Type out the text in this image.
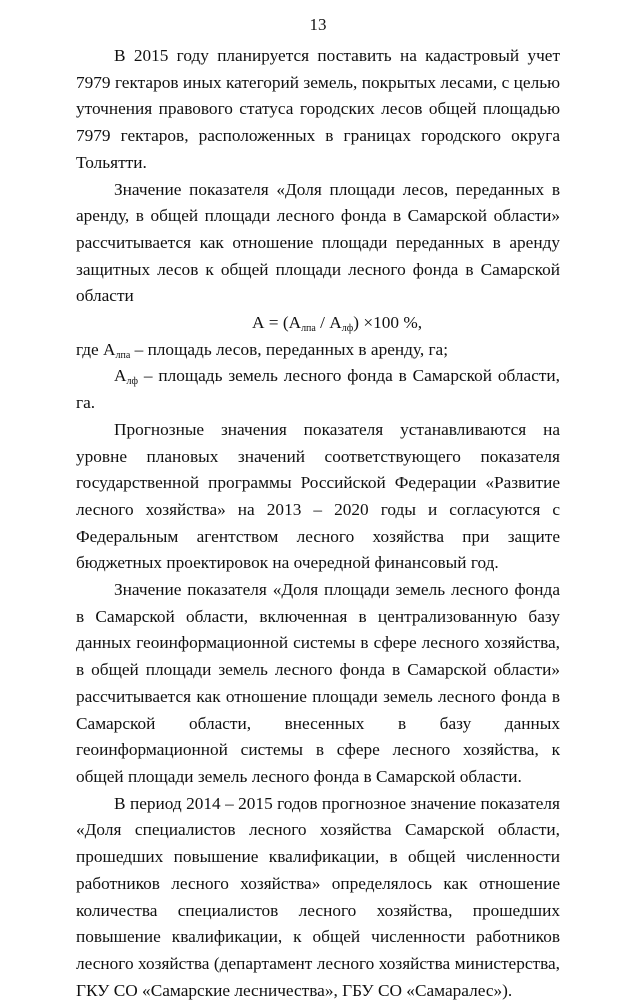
13

В 2015 году планируется поставить на кадастровый учет 7979 гектаров иных категорий земель, покрытых лесами, с целью уточнения правового статуса городских лесов общей площадью 7979 гектаров, расположенных в границах городского округа Тольятти.

Значение показателя «Доля площади лесов, переданных в аренду, в общей площади лесного фонда в Самарской области» рассчитывается как отношение площади переданных в аренду защитных лесов к общей площади лесного фонда в Самарской области

$А = (А_{лпа} / А_{лф}) \times 100$ %,

где $А_{лпа}$ – площадь лесов, переданных в аренду, га;

$А_{лф}$ – площадь земель лесного фонда в Самарской области, га.

Прогнозные значения показателя устанавливаются на уровне плановых значений соответствующего показателя государственной программы Российской Федерации «Развитие лесного хозяйства» на 2013 – 2020 годы и согласуются с Федеральным агентством лесного хозяйства при защите бюджетных проектировок на очередной финансовый год.

Значение показателя «Доля площади земель лесного фонда в Самарской области, включенная в централизованную базу данных геоинформационной системы в сфере лесного хозяйства, в общей площади земель лесного фонда в Самарской области» рассчитывается как отношение площади земель лесного фонда в Самарской области, внесенных в базу данных геоинформационной системы в сфере лесного хозяйства, к общей площади земель лесного фонда в Самарской области.

В период 2014 – 2015 годов прогнозное значение показателя «Доля специалистов лесного хозяйства Самарской области, прошедших повышение квалификации, в общей численности работников лесного хозяйства» определялось как отношение количества специалистов лесного хозяйства, прошедших повышение квалификации, к общей численности работников лесного хозяйства (департамент лесного хозяйства министерства, ГКУ СО «Самарские лесничества», ГБУ СО «Самаралес»).
